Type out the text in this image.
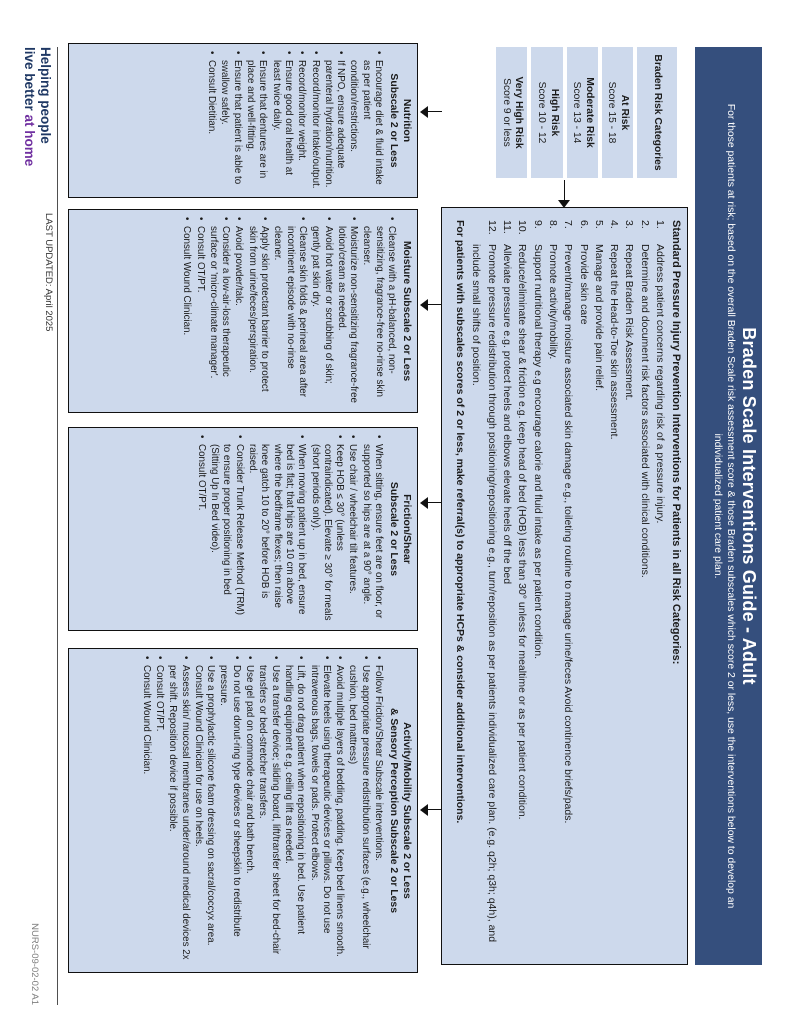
Braden Scale Interventions Guide - Adult
For those patients at risk; based on the overall Braden Scale risk assessment score & those Braden subscales which score 2 or less, use the interventions below to develop an individualized patient care plan.
Braden Risk Categories
At Risk
Score 15 - 18
Moderate Risk
Score 13 - 14
High Risk
Score 10 - 12
Very High Risk
Score 9 or less
Standard Pressure Injury Prevention Interventions for Patients in all Risk Categories:
Address patient concerns regarding risk of a pressure injury.
Determine and document risk factors associated with clinical conditions.
Repeat Braden Risk Assessment.
Repeat the Head-to-Toe skin assessment.
Manage and provide pain relief.
Provide skin care
Prevent/manage moisture associated skin damage e.g., toileting routine to manage urine/feces Avoid continence briefs/pads.
Promote activity/mobility.
Support nutritional therapy e.g encourage calorie and fluid intake as per patient condition.
Reduce/eliminate shear & friction e.g. keep head of bed (HOB) less than 30° unless for mealtime or as per patient condition.
Alleviate pressure e.g. protect heels and elbows elevate heels off the bed
Promote pressure redistribution through positioning/repositioning e.g., turn/reposition as per patients individualized care plan. (e.g. q2h; q3h; q4h), and include small shifts of position.
For patients with subscales scores of 2 or less, make referral(s) to appropriate HCPs & consider additional interventions.
Nutrition
Subscale 2 or Less
• Encourage diet & fluid intake as per patient condition/restrictions.
• If NPO, ensure adequate parenteral hydration/nutrition.
• Record/monitor intake/output.
• Record/monitor weight.
• Ensure good oral health at least twice daily.
• Ensure that dentures are in place and well-fitting.
• Ensure that patient is able to swallow safely.
• Consult Dietitian.
Moisture Subscale 2 or Less
• Cleanse with a pH-balanced, non-sensitizing, fragrance-free no-rinse skin cleanser.
• Moisturize non-sensitizing fragrance-free lotion/cream as needed.
• Avoid hot water or scrubbing of skin; gently pat skin dry.
• Cleanse skin folds & perineal area after incontinent episode with no-rinse cleaner.
• Apply skin protectant barrier to protect skin from urine/feces/perspiration.
• Avoid powder/talc.
• Consider a low-air-loss therapeutic surface or 'micro-climate manager'.
• Consult OT/PT.
• Consult Wound Clinician.
Friction/Shear
Subscale 2 or Less
• When sitting, ensure feet are on floor, or supported so hips are at a 90° angle.
• Use chair / wheelchair tilt features.
• Keep HOB ≤ 30° (unless contraindicated). Elevate ≥ 30° for meals (short periods only).
• When moving patient up in bed, ensure bed is flat; that hips are 10 cm above where the bedframe flexes; then raise knee gatch 10 to 20° before HOB is raised.
• Consider Trunk Release Method (TRM) to ensure proper positioning in bed (Sitting Up In Bed video).
• Consult OT/PT.
Activity/Mobility Subscale 2 or Less
& Sensory Perception Subscale 2 or Less
• Follow Friction/Shear Subscale interventions.
• Use appropriate pressure redistribution surfaces (e.g., wheelchair cushion, bed mattress)
• Avoid multiple layers of bedding, padding. Keep bed linens smooth.
• Elevate heels using therapeutic devices or pillows. Do not use intravenous bags, towels or pads. Protect elbows.
• Lift, do not drag patient when repositioning in bed. Use patient handling equipment e.g. ceiling lift as needed.
• Use a transfer device; sliding board, lift/transfer sheet for bed-chair transfers or bed-stretcher transfers.
• Use gel pad on commode chair and bath bench.
• Do not use donut-ring type devices or sheepskin to redistribute pressure.
• Use a prophylactic silicone foam dressing on sacral/coccyx area. Consult Wound Clinician for use on heels.
• Assess skin/ mucosal membranes under/around medical devices 2x per shift. Reposition device if possible.
• Consult OT/PT.
• Consult Wound Clinician.
Helping people
live better at home
LAST UPDATED: April 2025
NURS-09-02-02 A1
